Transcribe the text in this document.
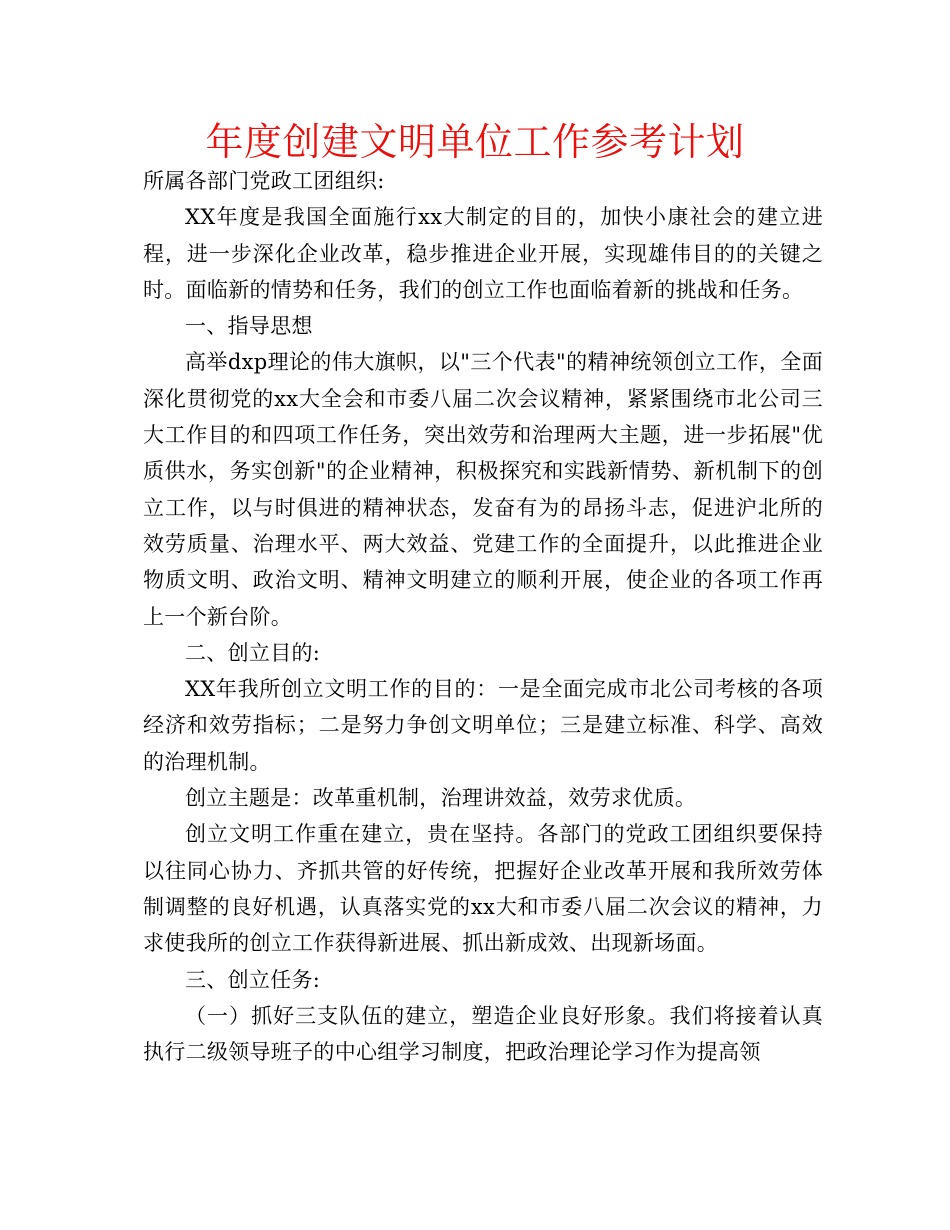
年度创建文明单位工作参考计划

所属各部门党政工团组织:

XX年度是我国全面施行xx大制定的目的，加快小康社会的建立进程，进一步深化企业改革，稳步推进企业开展，实现雄伟目的的关键之时。面临新的情势和任务，我们的创立工作也面临着新的挑战和任务。

一、指导思想

高举dxp理论的伟大旗帜，以"三个代表"的精神统领创立工作，全面深化贯彻党的xx大全会和市委八届二次会议精神，紧紧围绕市北公司三大工作目的和四项工作任务，突出效劳和治理两大主题，进一步拓展"优质供水，务实创新"的企业精神，积极探究和实践新情势、新机制下的创立工作，以与时俱进的精神状态，发奋有为的昂扬斗志，促进沪北所的效劳质量、治理水平、两大效益、党建工作的全面提升，以此推进企业物质文明、政治文明、精神文明建立的顺利开展，使企业的各项工作再上一个新台阶。

二、创立目的:

XX年我所创立文明工作的目的：一是全面完成市北公司考核的各项经济和效劳指标；二是努力争创文明单位；三是建立标准、科学、高效的治理机制。

创立主题是：改革重机制，治理讲效益，效劳求优质。

创立文明工作重在建立，贵在坚持。各部门的党政工团组织要保持以往同心协力、齐抓共管的好传统，把握好企业改革开展和我所效劳体制调整的良好机遇，认真落实党的xx大和市委八届二次会议的精神，力求使我所的创立工作获得新进展、抓出新成效、出现新场面。

三、创立任务:

（一）抓好三支队伍的建立，塑造企业良好形象。我们将接着认真执行二级领导班子的中心组学习制度，把政治理论学习作为提高领
